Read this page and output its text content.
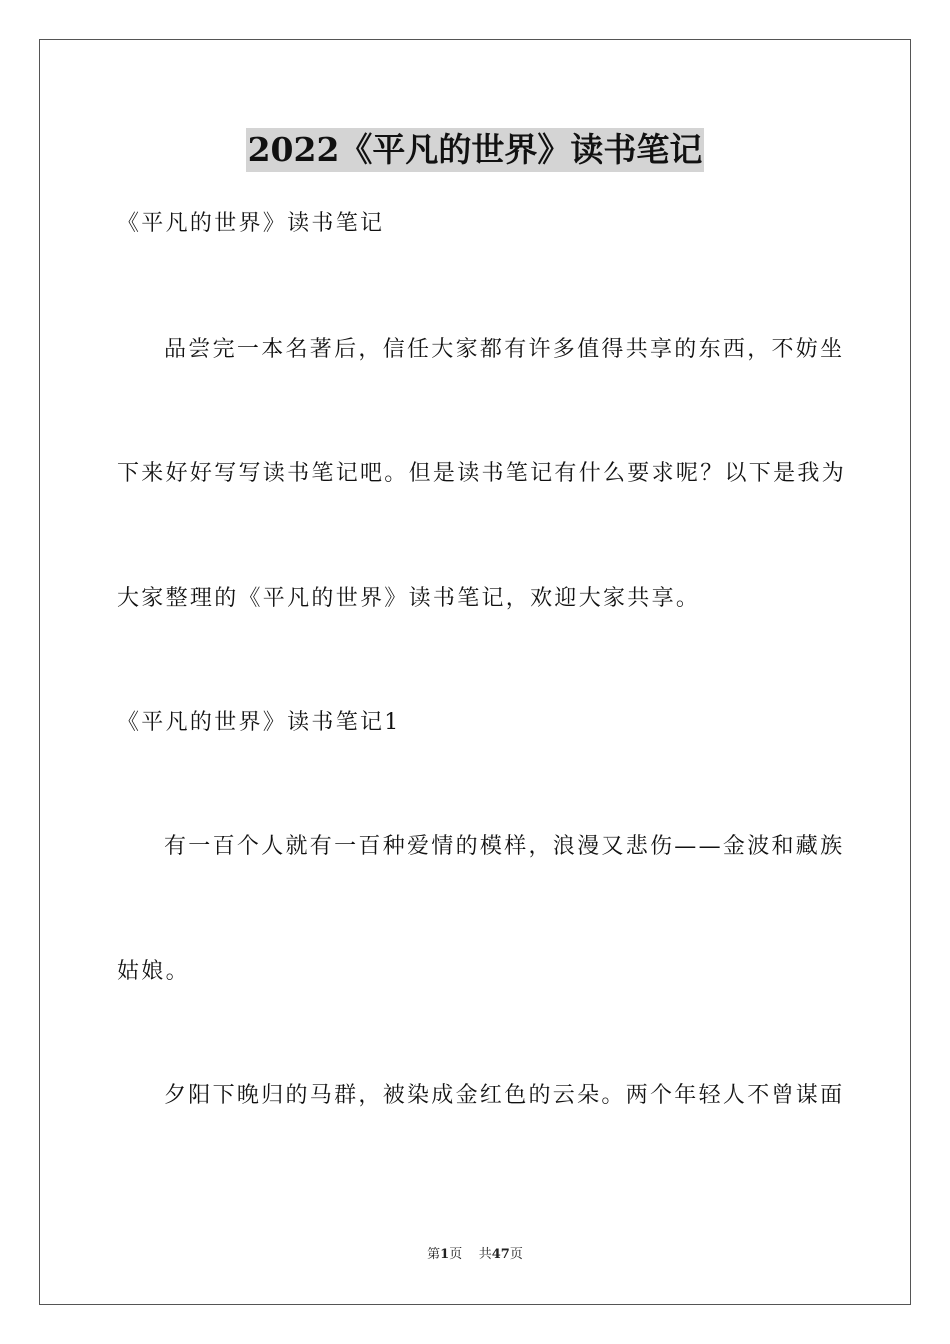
2022《平凡的世界》读书笔记
《平凡的世界》读书笔记
品尝完一本名著后，信任大家都有许多值得共享的东西，不妨坐
下来好好写写读书笔记吧。但是读书笔记有什么要求呢？以下是我为
大家整理的《平凡的世界》读书笔记，欢迎大家共享。
《平凡的世界》读书笔记1
有一百个人就有一百种爱情的模样，浪漫又悲伤——金波和藏族
姑娘。
夕阳下晚归的马群，被染成金红色的云朵。两个年轻人不曾谋面
第1页 共47页
